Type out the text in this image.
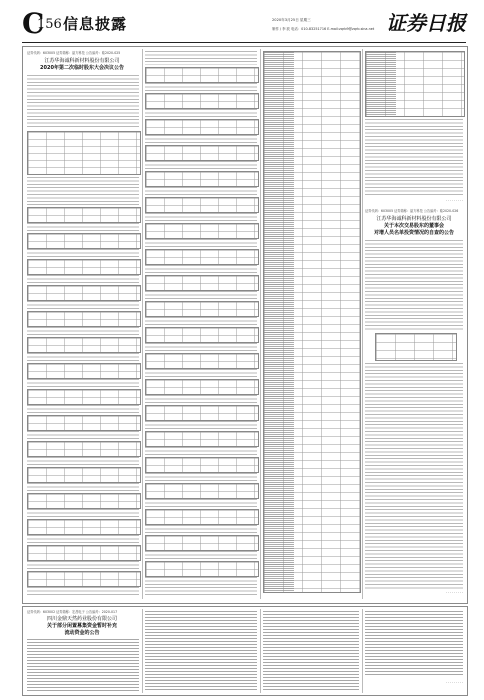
C
156 信息披露	2020年3月25日 星期三
制作 / 李 波 电话：010-83251716 E-mail:zqrb9@zqrb.sina.net 证券日报
证券代码：603005 证券简称：晶方科技 公告编号：临2020-025
江苏华海诚科新材料股份有限公司
2020年第二次临时股东大会决议公告
· · · · · · · · ·
证券代码：603005 证券简称：晶方科技 公告编号：临2020-026
江苏华海诚科新材料股份有限公司
关于本次交易股东的董事会
对增人员名单投资情况的自查的公告
· · · · · · · · ·
证券代码：603002 证券简称：宏昌电子 公告编号：2020-017
四川金鼎天然药业股份有限公司
关于部分闲置募集资金暂时补充
流动资金的公告
· · · · · · · · ·
